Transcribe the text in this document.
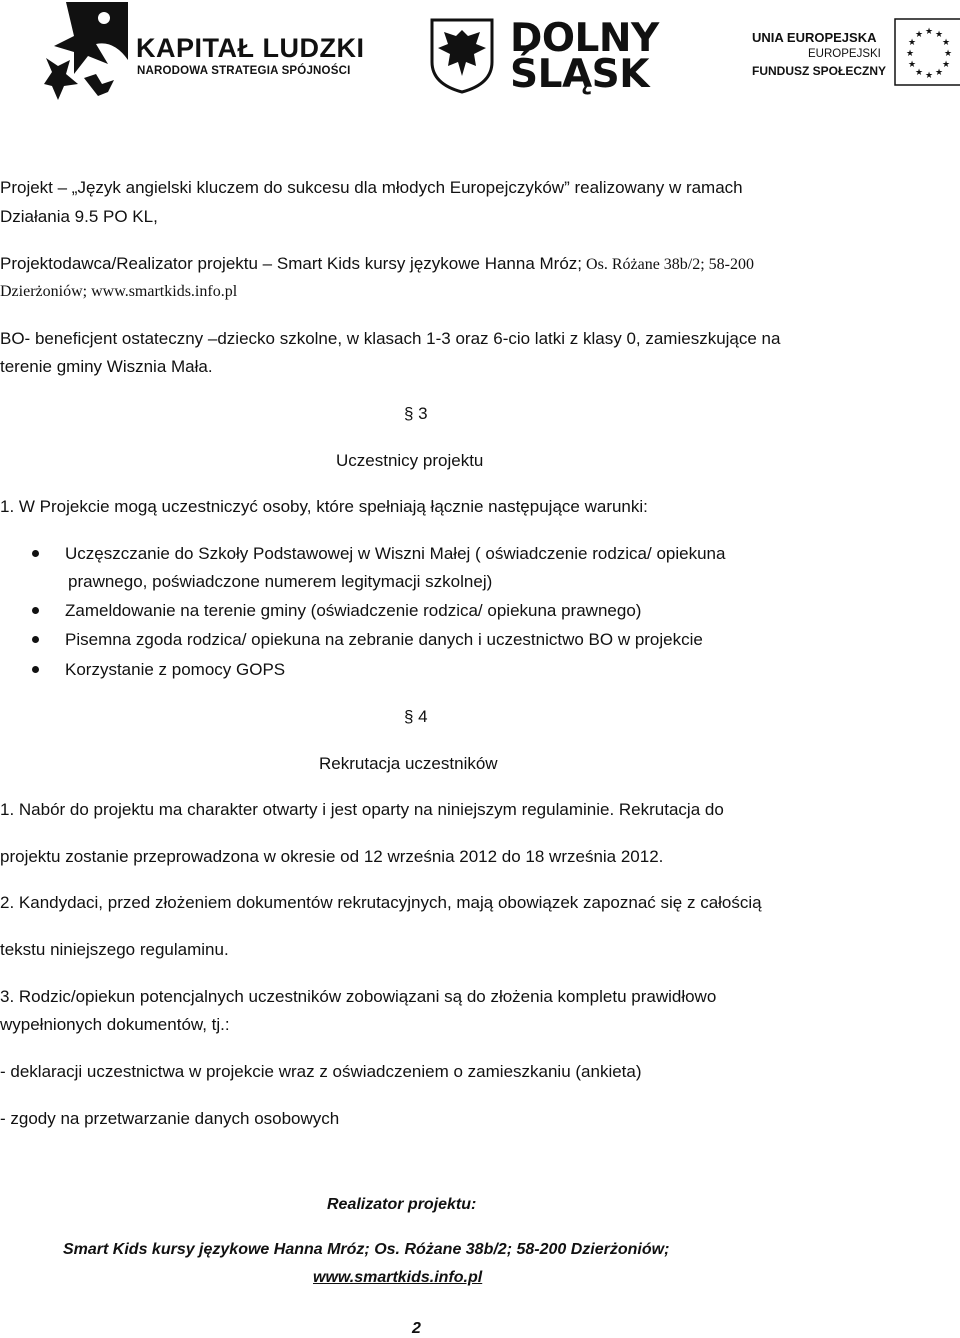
KAPITAŁ LUDZKI
NARODOWA STRATEGIA SPÓJNOŚCI
DOLNY
ŚLĄSK
UNIA EUROPEJSKA
EUROPEJSKI
FUNDUSZ SPOŁECZNY
★ ★
★
★
★
★
★
★
★
★
★
★
Projekt – „Język angielski kluczem do sukcesu dla młodych Europejczyków” realizowany w ramach
Działania 9.5 PO KL,
Projektodawca/Realizator projektu – Smart Kids kursy językowe Hanna Mróz; Os. Różane 38b/2; 58-200
Dzierżoniów; www.smartkids.info.pl
BO- beneficjent ostateczny –dziecko szkolne, w klasach 1-3 oraz 6-cio latki z klasy 0, zamieszkujące na
terenie gminy Wisznia Mała.
§ 3
Uczestnicy projektu
1. W Projekcie mogą uczestniczyć osoby, które spełniają łącznie następujące warunki:
Uczęszczanie do Szkoły Podstawowej w Wiszni Małej ( oświadczenie rodzica/ opiekuna
prawnego, poświadczone numerem legitymacji szkolnej)
Zameldowanie na terenie gminy (oświadczenie rodzica/ opiekuna prawnego)
Pisemna zgoda rodzica/ opiekuna na zebranie danych i uczestnictwo BO w projekcie
Korzystanie z pomocy GOPS
§ 4
Rekrutacja uczestników
1. Nabór do projektu ma charakter otwarty i jest oparty na niniejszym regulaminie. Rekrutacja do
projektu zostanie przeprowadzona w okresie od 12 września 2012 do 18 września 2012.
2. Kandydaci, przed złożeniem dokumentów rekrutacyjnych, mają obowiązek zapoznać się z całością
tekstu niniejszego regulaminu.
3. Rodzic/opiekun potencjalnych uczestników zobowiązani są do złożenia kompletu prawidłowo
wypełnionych dokumentów, tj.:
- deklaracji uczestnictwa w projekcie wraz z oświadczeniem o zamieszkaniu (ankieta)
- zgody na przetwarzanie danych osobowych
Realizator projektu:
Smart Kids kursy językowe Hanna Mróz; Os. Różane 38b/2; 58-200 Dzierżoniów;
www.smartkids.info.pl
2
